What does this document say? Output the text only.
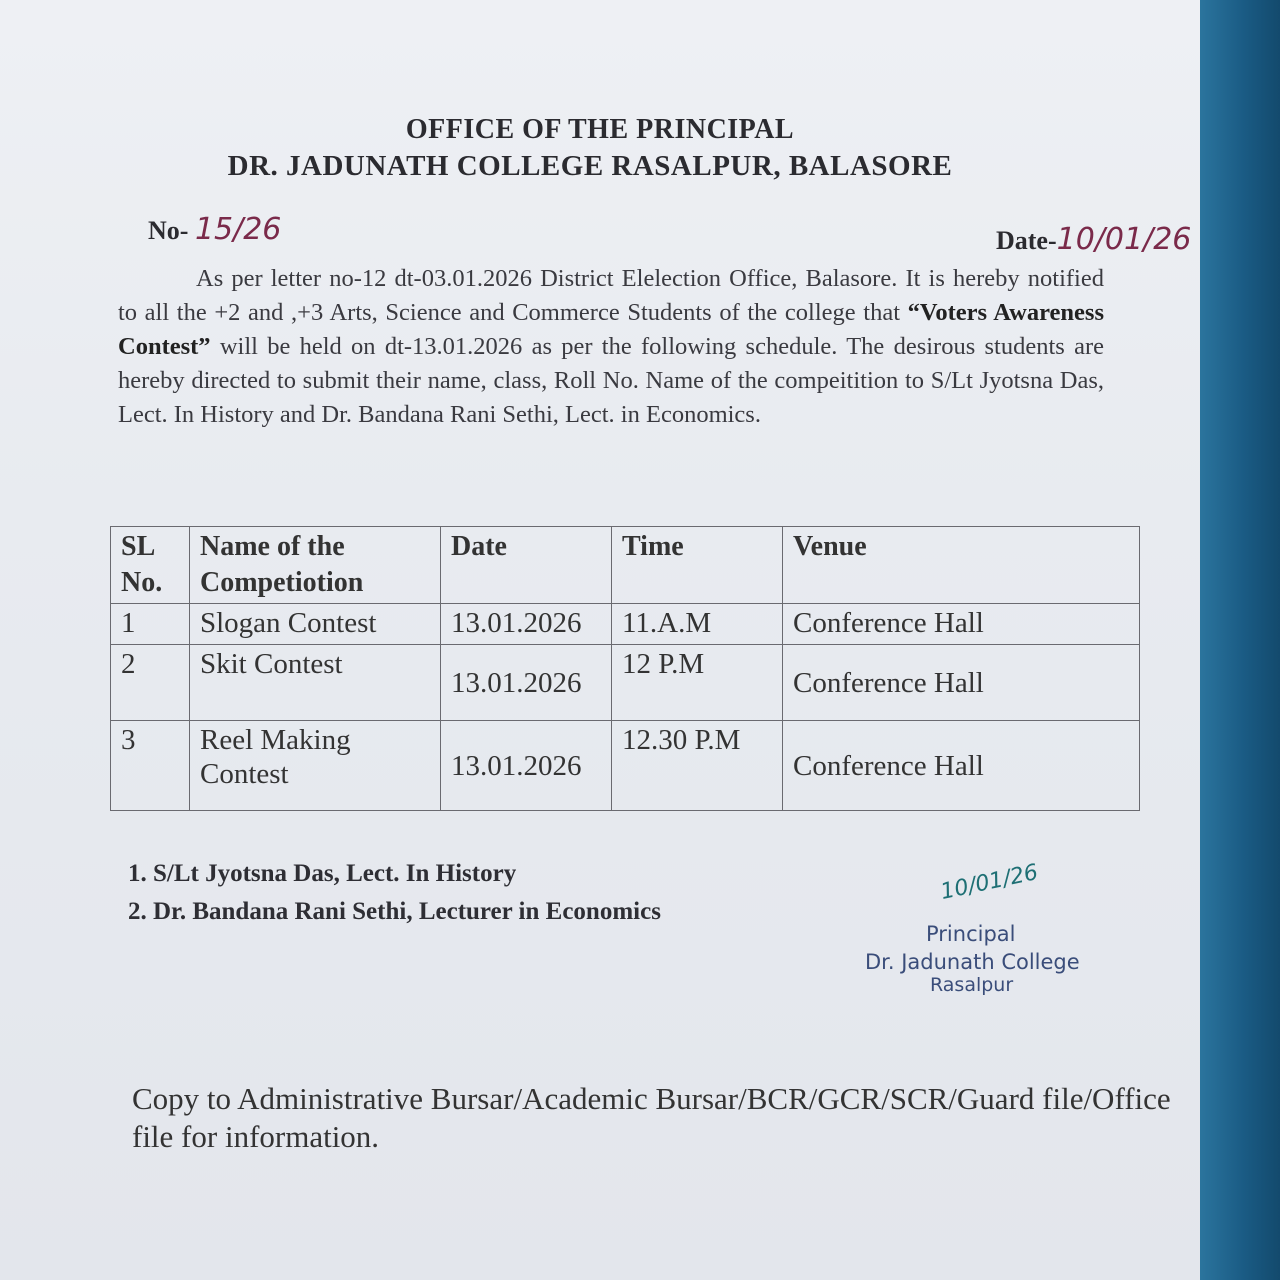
OFFICE OF THE PRINCIPAL
DR. JADUNATH COLLEGE RASALPUR, BALASORE
No- 15/26	Date-10/01/26
As per letter no-12 dt-03.01.2026 District Elelection Office, Balasore. It is hereby notified to all the +2 and ,+3 Arts, Science and Commerce Students of the college that “Voters Awareness Contest” will be held on dt-13.01.2026 as per the following schedule. The desirous students are hereby directed to submit their name, class, Roll No. Name of the compeitition to S/Lt Jyotsna Das, Lect. In History and Dr. Bandana Rani Sethi, Lect. in Economics.
SL No.	Name of the Competiotion	Date	Time	Venue
1	Slogan Contest	13.01.2026	11.A.M	Conference Hall
2	Skit Contest	13.01.2026	12 P.M	Conference Hall
3	Reel Making Contest	13.01.2026	12.30 P.M	Conference Hall
1. S/Lt Jyotsna Das, Lect. In History
2. Dr. Bandana Rani Sethi, Lecturer in Economics
10/01/26
Principal
Dr. Jadunath College
Rasalpur
Copy to Administrative Bursar/Academic Bursar/BCR/GCR/SCR/Guard file/Office file for information.
